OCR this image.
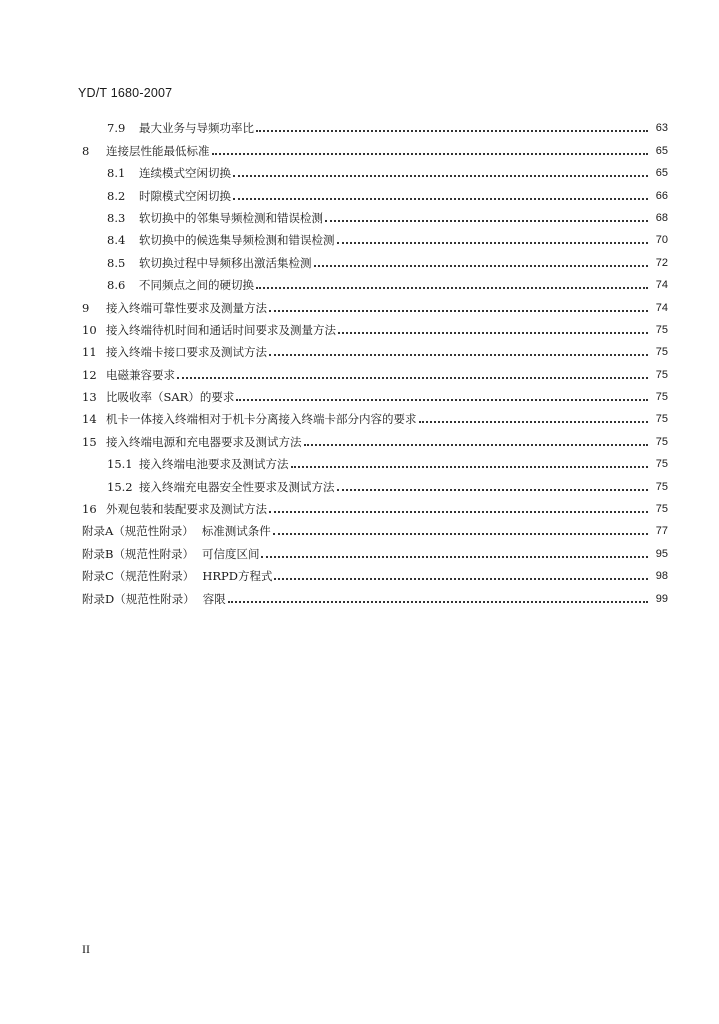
YD/T 1680-2007
7.9	最大业务与导频功率比	63
8	连接层性能最低标准	65
8.1	连续模式空闲切换	65
8.2	时隙模式空闲切换	66
8.3	软切换中的邻集导频检测和错误检测	68
8.4	软切换中的候选集导频检测和错误检测	70
8.5	软切换过程中导频移出激活集检测	72
8.6	不同频点之间的硬切换	74
9	接入终端可靠性要求及测量方法	74
10 接入终端待机时间和通话时间要求及测量方法	75
11 接入终端卡接口要求及测试方法	75
12 电磁兼容要求	75
13 比吸收率（SAR）的要求	75
14 机卡一体接入终端相对于机卡分离接入终端卡部分内容的要求	75
15 接入终端电源和充电器要求及测试方法	75
15.1 接入终端电池要求及测试方法	75
15.2 接入终端充电器安全性要求及测试方法	75
16 外观包装和装配要求及测试方法	75
附录A（规范性附录） 标准测试条件	77
附录B（规范性附录） 可信度区间	95
附录C（规范性附录） HRPD方程式	98
附录D（规范性附录） 容限	99
II
